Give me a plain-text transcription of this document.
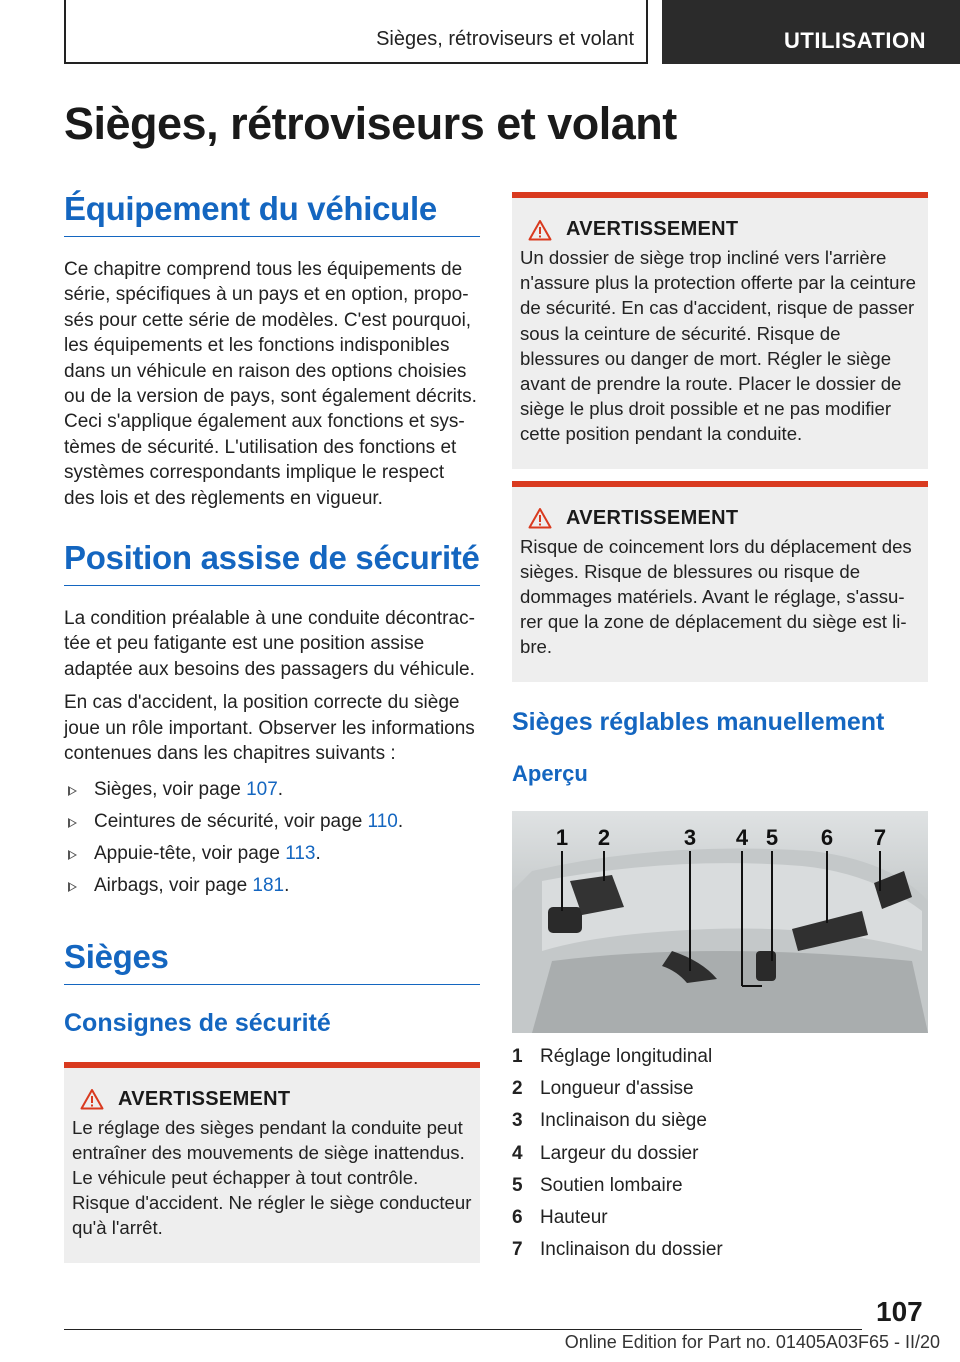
Sièges, rétroviseurs et volant	UTILISATION
Sièges, rétroviseurs et volant
Équipement du véhicule

Ce chapitre comprend tous les équipements de série, spécifiques à un pays et en option, proposés pour cette série de modèles. C'est pourquoi, les équipements et les fonctions indisponibles dans un véhicule en raison des options choisies ou de la version de pays, sont également décrits. Ceci s'applique également aux fonctions et systèmes de sécurité. L'utilisation des fonctions et systèmes correspondants implique le respect des lois et des règlements en vigueur.

Position assise de sécurité

La condition préalable à une conduite décontractée et peu fatigante est une position assise adaptée aux besoins des passagers du véhicule.

En cas d'accident, la position correcte du siège joue un rôle important. Observer les informations contenues dans les chapitres suivants :

Sièges, voir page 107.
Ceintures de sécurité, voir page 110.
Appuie-tête, voir page 113.
Airbags, voir page 181.
Sièges
Consignes de sécurité
AVERTISSEMENT

Le réglage des sièges pendant la conduite peut entraîner des mouvements de siège inattendus. Le véhicule peut échapper à tout contrôle. Risque d'accident. Ne régler le siège conducteur qu'à l'arrêt.

AVERTISSEMENT

Un dossier de siège trop incliné vers l'arrière n'assure plus la protection offerte par la ceinture de sécurité. En cas d'accident, risque de passer sous la ceinture de sécurité. Risque de blessures ou danger de mort. Régler le siège avant de prendre la route. Placer le dossier de siège le plus droit possible et ne pas modifier cette position pendant la conduite.

AVERTISSEMENT

Risque de coincement lors du déplacement des sièges. Risque de blessures ou risque de dommages matériels. Avant le réglage, s'assurer que la zone de déplacement du siège est libre.

Sièges réglables manuellement
Aperçu
1 2	3 4 5 6 7
1 Réglage longitudinal
2 Longueur d'assise
3 Inclinaison du siège
4 Largeur du dossier
5 Soutien lombaire
6 Hauteur
7 Inclinaison du dossier
107
Online Edition for Part no. 01405A03F65 - II/20
